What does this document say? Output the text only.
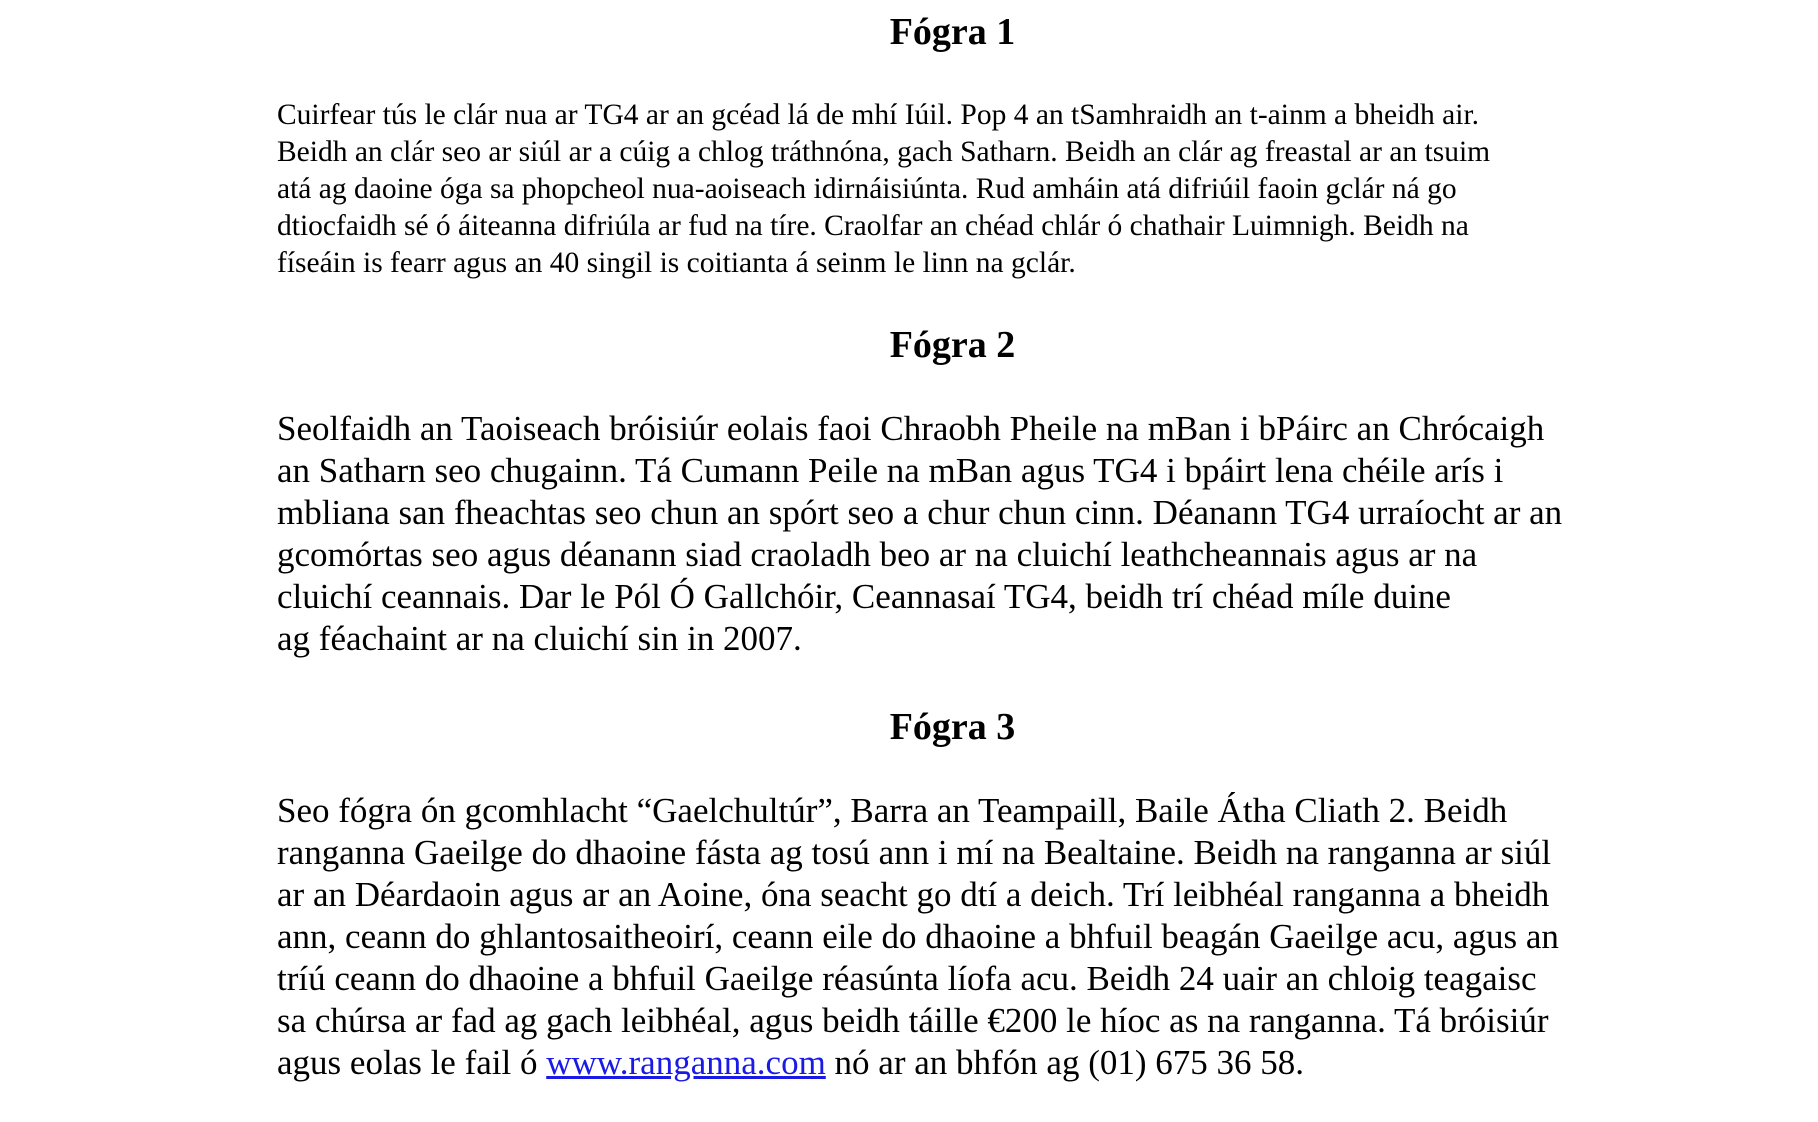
Fógra 1

Cuirfear tús le clár nua ar TG4 ar an gcéad lá de mhí Iúil. Pop 4 an tSamhraidh an t-ainm a bheidh air.
Beidh an clár seo ar siúl ar a cúig a chlog tráthnóna, gach Satharn. Beidh an clár ag freastal ar an tsuim
atá ag daoine óga sa phopcheol nua-aoiseach idirnáisiúnta. Rud amháin atá difriúil faoin gclár ná go
dtiocfaidh sé ó áiteanna difriúla ar fud na tíre. Craolfar an chéad chlár ó chathair Luimnigh. Beidh na
físeáin is fearr agus an 40 singil is coitianta á seinm le linn na gclár.

Fógra 2

Seolfaidh an Taoiseach bróisiúr eolais faoi Chraobh Pheile na mBan i bPáirc an Chrócaigh
an Satharn seo chugainn. Tá Cumann Peile na mBan agus TG4 i bpáirt lena chéile arís i
mbliana san fheachtas seo chun an spórt seo a chur chun cinn. Déanann TG4 urraíocht ar an
gcomórtas seo agus déanann siad craoladh beo ar na cluichí leathcheannais agus ar na
cluichí ceannais. Dar le Pól Ó Gallchóir, Ceannasaí TG4, beidh trí chéad míle duine
ag féachaint ar na cluichí sin in 2007.

Fógra 3

Seo fógra ón gcomhlacht “Gaelchultúr”, Barra an Teampaill, Baile Átha Cliath 2. Beidh
ranganna Gaeilge do dhaoine fásta ag tosú ann i mí na Bealtaine. Beidh na ranganna ar siúl
ar an Déardaoin agus ar an Aoine, óna seacht go dtí a deich. Trí leibhéal ranganna a bheidh
ann, ceann do ghlantosaitheoirí, ceann eile do dhaoine a bhfuil beagán Gaeilge acu, agus an
tríú ceann do dhaoine a bhfuil Gaeilge réasúnta líofa acu. Beidh 24 uair an chloig teagaisc
sa chúrsa ar fad ag gach leibhéal, agus beidh táille €200 le híoc as na ranganna. Tá bróisiúr
agus eolas le fail ó www.ranganna.com nó ar an bhfón ag (01) 675 36 58.
